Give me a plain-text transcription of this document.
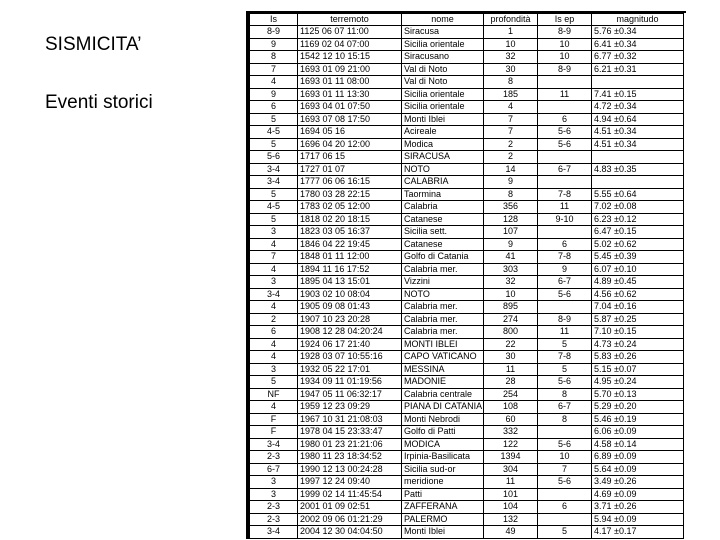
SISMICITA’
Eventi storici
Is	terremoto	nome	profondità	Is ep	magnitudo
8-9	1125 06 07 11:00	Siracusa	1	8-9	5.76 ±0.34
9	1169 02 04 07:00	Sicilia orientale	10	10	6.41 ±0.34
8	1542 12 10 15:15	Siracusano	32	10	6.77 ±0.32
7	1693 01 09 21:00	Val di Noto	30	8-9	6.21 ±0.31
4	1693 01 11 08:00	Val di Noto	8		
9	1693 01 11 13:30	Sicilia orientale	185	11	7.41 ±0.15
6	1693 04 01 07:50	Sicilia orientale	4		4.72 ±0.34
5	1693 07 08 17:50	Monti Iblei	7	6	4.94 ±0.64
4-5	1694 05 16	Acireale	7	5-6	4.51 ±0.34
5	1696 04 20 12:00	Modica	2	5-6	4.51 ±0.34
5-6	1717 06 15	SIRACUSA	2		
3-4	1727 01 07	NOTO	14	6-7	4.83 ±0.35
3-4	1777 06 06 16:15	CALABRIA	9		
5	1780 03 28 22:15	Taormina	8	7-8	5.55 ±0.64
4-5	1783 02 05 12:00	Calabria	356	11	7.02 ±0.08
5	1818 02 20 18:15	Catanese	128	9-10	6.23 ±0.12
3	1823 03 05 16:37	Sicilia sett.	107		6.47 ±0.15
4	1846 04 22 19:45	Catanese	9	6	5.02 ±0.62
7	1848 01 11 12:00	Golfo di Catania	41	7-8	5.45 ±0.39
4	1894 11 16 17:52	Calabria mer.	303	9	6.07 ±0.10
3	1895 04 13 15:01	Vizzini	32	6-7	4.89 ±0.45
3-4	1903 02 10 08:04	NOTO	10	5-6	4.56 ±0.62
4	1905 09 08 01:43	Calabria mer.	895		7.04 ±0.16
2	1907 10 23 20:28	Calabria mer.	274	8-9	5.87 ±0.25
6	1908 12 28 04:20:24	Calabria mer.	800	11	7.10 ±0.15
4	1924 06 17 21:40	MONTI IBLEI	22	5	4.73 ±0.24
4	1928 03 07 10:55:16	CAPO VATICANO	30	7-8	5.83 ±0.26
3	1932 05 22 17:01	MESSINA	11	5	5.15 ±0.07
5	1934 09 11 01:19:56	MADONIE	28	5-6	4.95 ±0.24
NF	1947 05 11 06:32:17	Calabria centrale	254	8	5.70 ±0.13
4	1959 12 23 09:29	PIANA DI CATANIA	108	6-7	5.29 ±0.20
F	1967 10 31 21:08:03	Monti Nebrodi	60	8	5.46 ±0.19
F	1978 04 15 23:33:47	Golfo di Patti	332		6.06 ±0.09
3-4	1980 01 23 21:21:06	MODICA	122	5-6	4.58 ±0.14
2-3	1980 11 23 18:34:52	Irpinia-Basilicata	1394	10	6.89 ±0.09
6-7	1990 12 13 00:24:28	Sicilia sud-or	304	7	5.64 ±0.09
3	1997 12 24 09:40	meridione	11	5-6	3.49 ±0.26
3	1999 02 14 11:45:54	Patti	101		4.69 ±0.09
2-3	2001 01 09 02:51	ZAFFERANA	104	6	3.71 ±0.26
2-3	2002 09 06 01:21:29	PALERMO	132		5.94 ±0.09
3-4	2004 12 30 04:04:50	Monti Iblei	49	5	4.17 ±0.17
